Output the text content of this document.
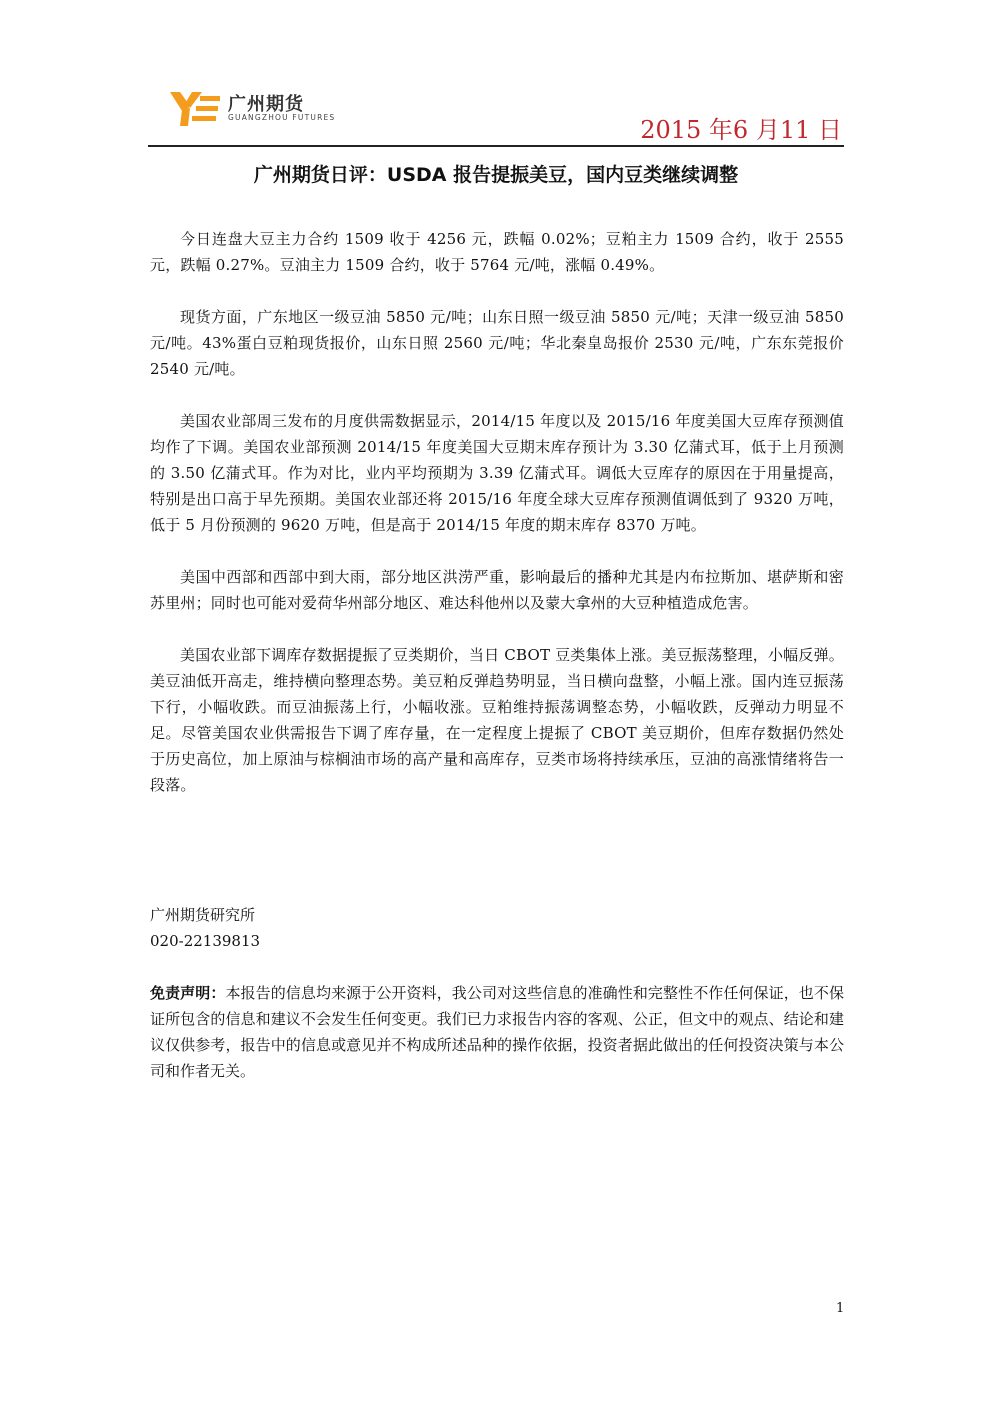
广州期货
GUANGZHOU FUTURES	2015 年6 月11 日
广州期货日评：USDA 报告提振美豆，国内豆类继续调整

今日连盘大豆主力合约 1509 收于 4256 元，跌幅 0.02%；豆粕主力 1509 合约，收于 2555 元，跌幅 0.27%。豆油主力 1509 合约，收于 5764 元/吨，涨幅 0.49%。

现货方面，广东地区一级豆油 5850 元/吨；山东日照一级豆油 5850 元/吨；天津一级豆油 5850 元/吨。43%蛋白豆粕现货报价，山东日照 2560 元/吨；华北秦皇岛报价 2530 元/吨，广东东莞报价 2540 元/吨。

美国农业部周三发布的月度供需数据显示，2014/15 年度以及 2015/16 年度美国大豆库存预测值均作了下调。美国农业部预测 2014/15 年度美国大豆期末库存预计为 3.30 亿蒲式耳，低于上月预测的 3.50 亿蒲式耳。作为对比，业内平均预期为 3.39 亿蒲式耳。调低大豆库存的原因在于用量提高，特别是出口高于早先预期。美国农业部还将 2015/16 年度全球大豆库存预测值调低到了 9320 万吨，低于 5 月份预测的 9620 万吨，但是高于 2014/15 年度的期末库存 8370 万吨。

美国中西部和西部中到大雨，部分地区洪涝严重，影响最后的播种尤其是内布拉斯加、堪萨斯和密苏里州；同时也可能对爱荷华州部分地区、难达科他州以及蒙大拿州的大豆种植造成危害。

美国农业部下调库存数据提振了豆类期价，当日 CBOT 豆类集体上涨。美豆振荡整理，小幅反弹。美豆油低开高走，维持横向整理态势。美豆粕反弹趋势明显，当日横向盘整，小幅上涨。国内连豆振荡下行，小幅收跌。而豆油振荡上行，小幅收涨。豆粕维持振荡调整态势，小幅收跌，反弹动力明显不足。尽管美国农业供需报告下调了库存量，在一定程度上提振了 CBOT 美豆期价，但库存数据仍然处于历史高位，加上原油与棕榈油市场的高产量和高库存，豆类市场将持续承压，豆油的高涨情绪将告一段落。

广州期货研究所
020-22139813
免责声明：本报告的信息均来源于公开资料，我公司对这些信息的准确性和完整性不作任何保证，也不保证所包含的信息和建议不会发生任何变更。我们已力求报告内容的客观、公正，但文中的观点、结论和建议仅供参考，报告中的信息或意见并不构成所述品种的操作依据，投资者据此做出的任何投资决策与本公司和作者无关。
1
